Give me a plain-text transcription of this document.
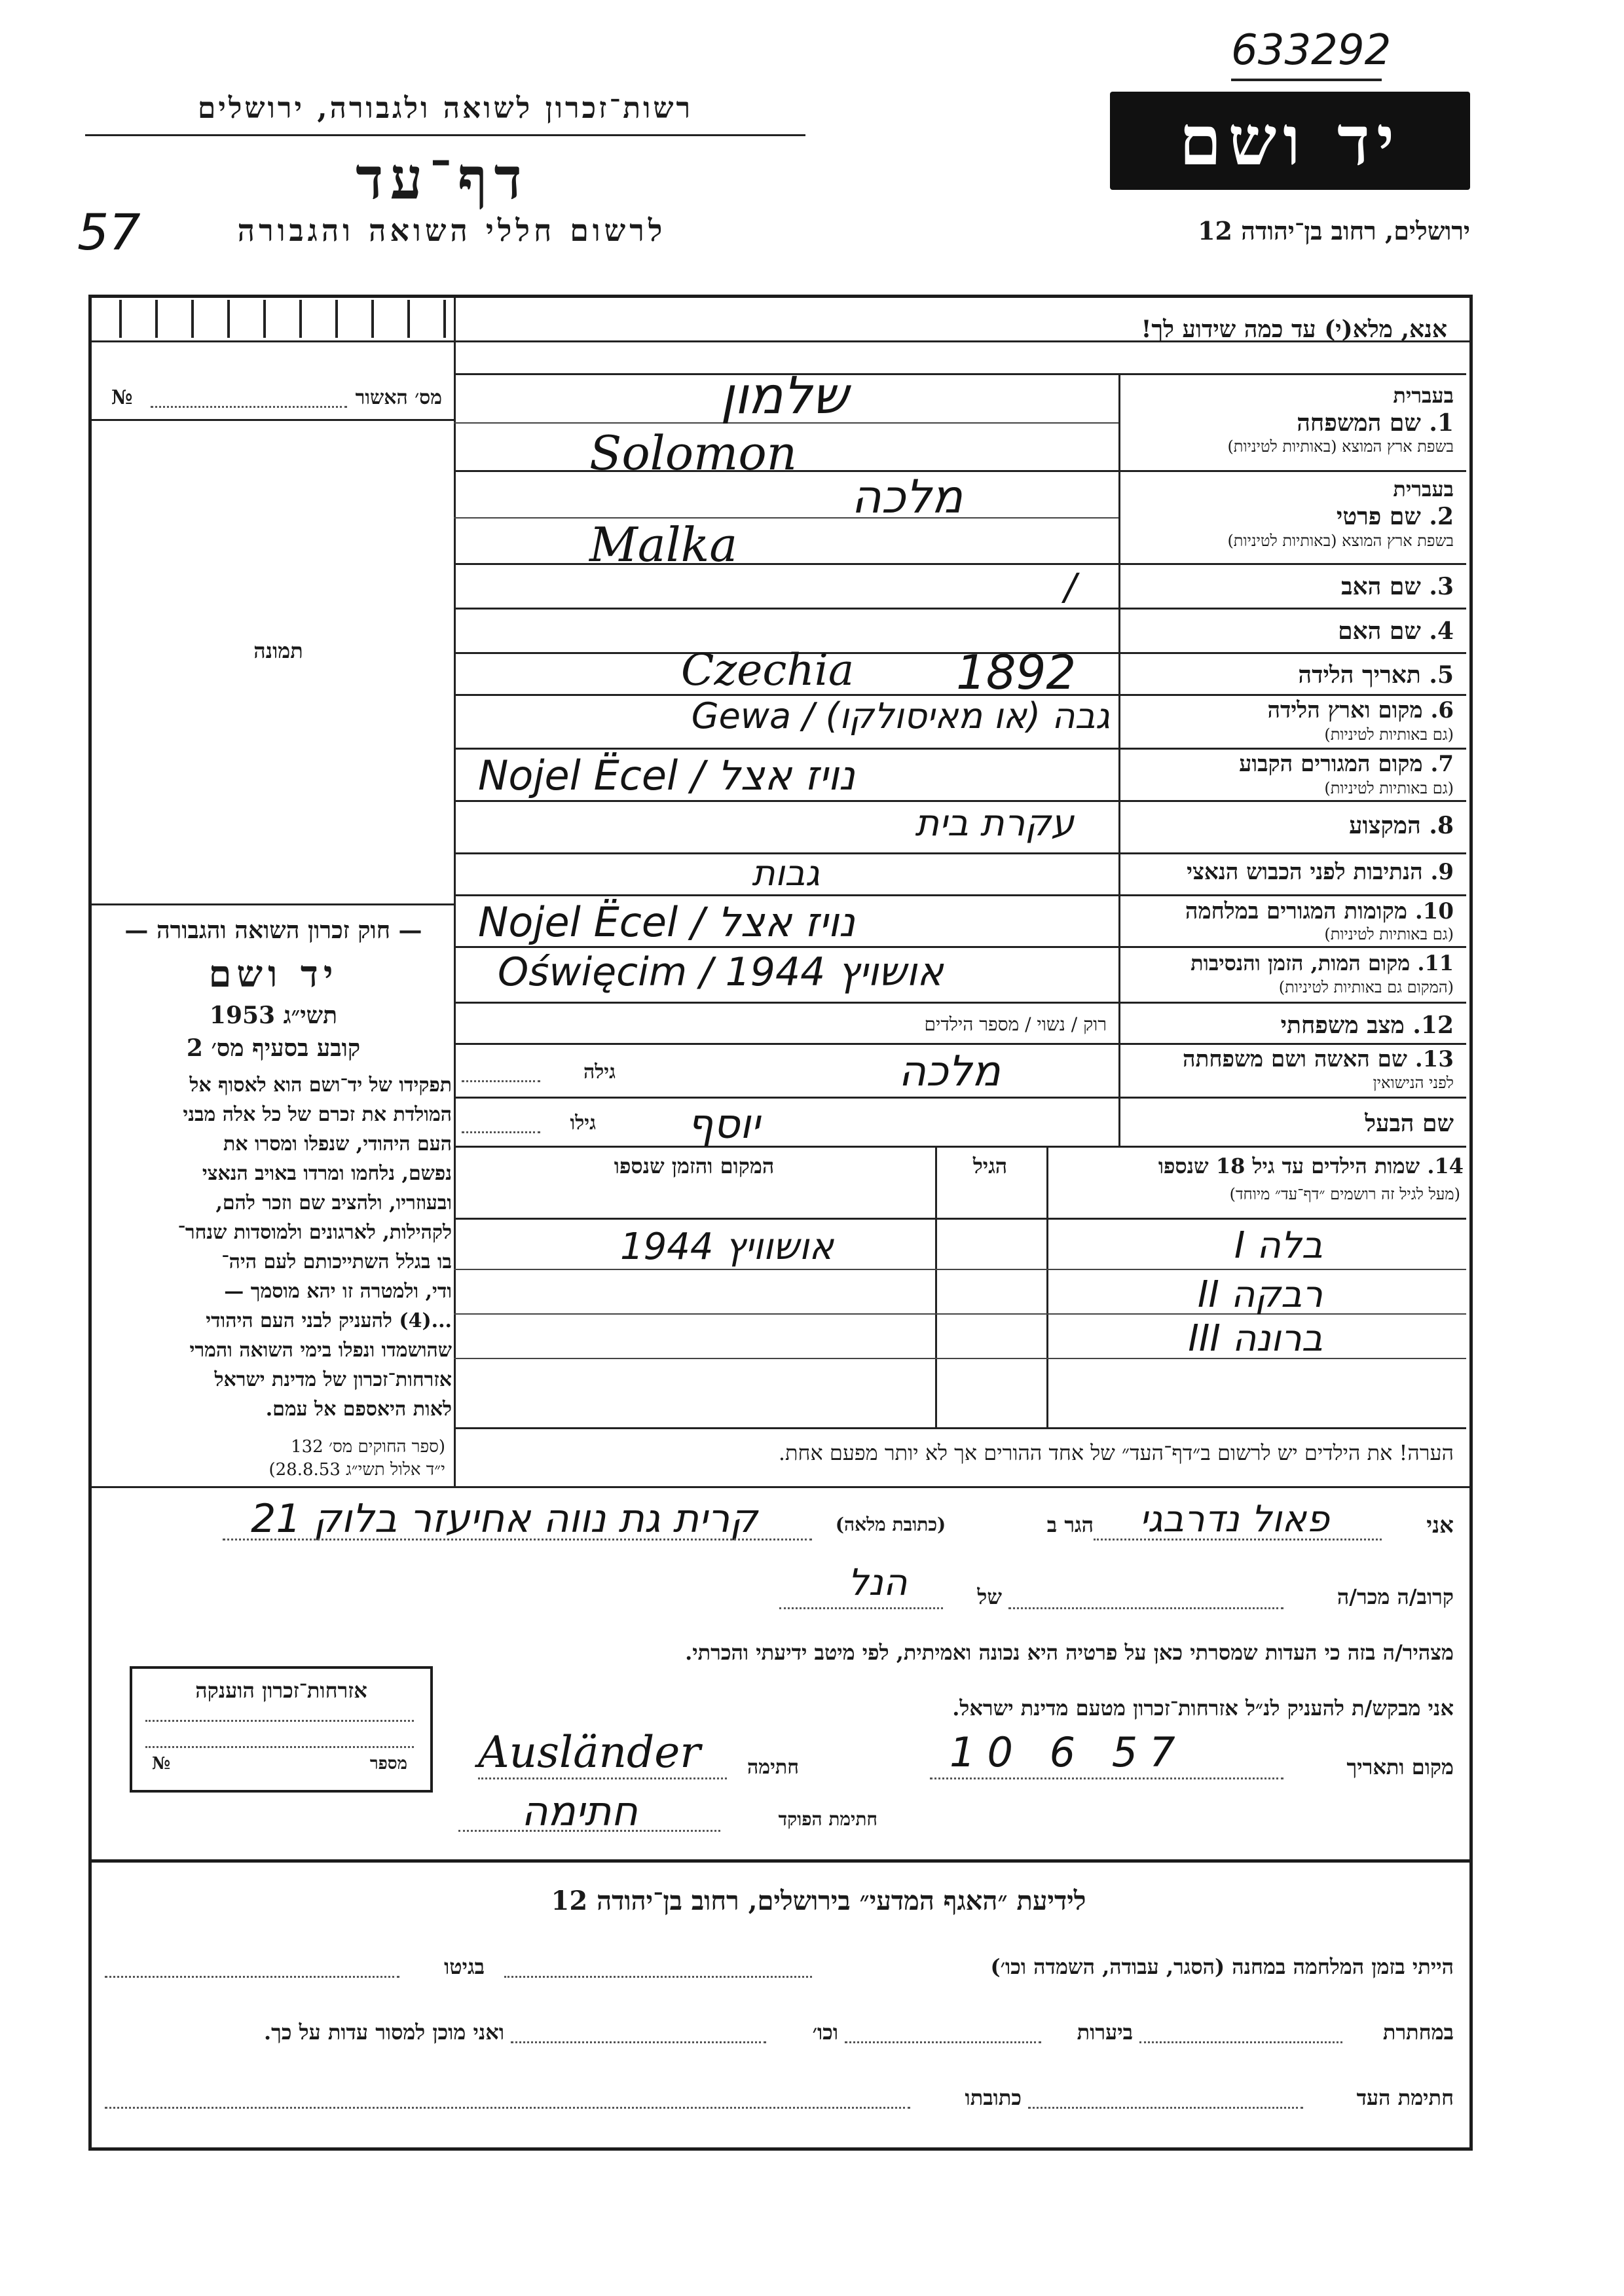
633292
רשות־זכרון לשואה ולגבורה, ירושלים
דף־עד
57	לרשום חללי השואה והגבורה
יד ושם
ירושלים, רחוב בן־יהודה 12
אנא, מלא(י) עד כמה שידוע לך!
מס׳ האשור
№
תמונה
— חוק זכרון השואה והגבורה —
יד ושם
תשי״ג 1953
קובע בסעיף מס׳ 2
תפקידו של יד־ושם הוא לאסוף אל
המולדת את זכרם של כל אלה מבני
העם היהודי, שנפלו ומסרו את
נפשם, נלחמו ומרדו באויב הנאצי
ובעוזריו, ולהציב שם וזכר להם,
לקהילות, לארגונים ולמוסדות שנחר־
בו בגלל השתייכותם לעם היה־
ודי, ולמטרה זו יהא מוסמך —
...(4) להעניק לבני העם היהודי
שהושמדו ונפלו בימי השואה והמרי
אזרחות־זכרון של מדינת ישראל
לאות היאספם אל עמם.
(ספר החוקים מס׳ 132
י״ד אלול תשי״ג 28.8.53)
בעברית
1. שם המשפחה
בשפת ארץ המוצא (באותיות לטיניות)
בעברית
2. שם פרטי
בשפת ארץ המוצא (באותיות לטיניות)
3. שם האב
4. שם האם
5. תאריך הלידה
6. מקום וארץ הלידה
(גם באותיות לטיניות)
7. מקום המגורים הקבוע
(גם באותיות לטיניות)
8. המקצוע
9. הנתיבות לפני הכבוש הנאצי
10. מקומות המגורים במלחמה
(גם באותיות לטיניות)
11. מקום המות, הזמן והנסיבות
(המקום גם באותיות לטיניות)
12. מצב משפחתי
13. שם האשה ושם משפחתה
לפני הנישואין
שם הבעל
רוק / נשוי / מספר הילדים
גילה
גילו
שלמון
Solomon
מלכה
Malka
/
Czechia 1892
Gewa / גבה (או מאיסולקו)
Nojel Ëcel / נויז אצל
עקרת בית
גבות
Nojel Ëcel / נויז אצל
Oświęcim / אושויץ 1944
מלכה
יוסף
14. שמות הילדים עד גיל 18 שנספו
(מעל לגיל זה רושמים ״דף־עד״ מיוחד)
הגיל
המקום והזמן שנספו
I בלה
אושוויץ 1944
II רבקה
III ברונה
הערה! את הילדים יש לרשום ב״דף־העד״ של אחד ההורים אך לא יותר מפעם אחת.
אני
פאול נדרבגי
הגר ב
(כתובת מלאה)
קרית גת נווה אחיעזר בלוק 21
קרוב/ה מכר/ה
של
הנל
מצהיר/ה בזה כי העדות שמסרתי כאן על פרטיה היא נכונה ואמיתית, לפי מיטב ידיעתי והכרתי.
אני מבקש/ת להעניק לנ״ל אזרחות־זכרון מטעם מדינת ישראל.
מקום ותאריך
10 6 57
חתימה
Ausländer
חתימת הפוקד
חתימה
אזרחות־זכרון הוענקה
מספר
№
לידיעת ״האגף המדעי״ בירושלים, רחוב בן־יהודה 12
הייתי בזמן המלחמה במחנה (הסגר, עבודה, השמדה וכו׳)
בגיטו
במחתרת
ביערות
וכו׳
ואני מוכן למסור עדות על כך.
חתימת העד
כתובתו
